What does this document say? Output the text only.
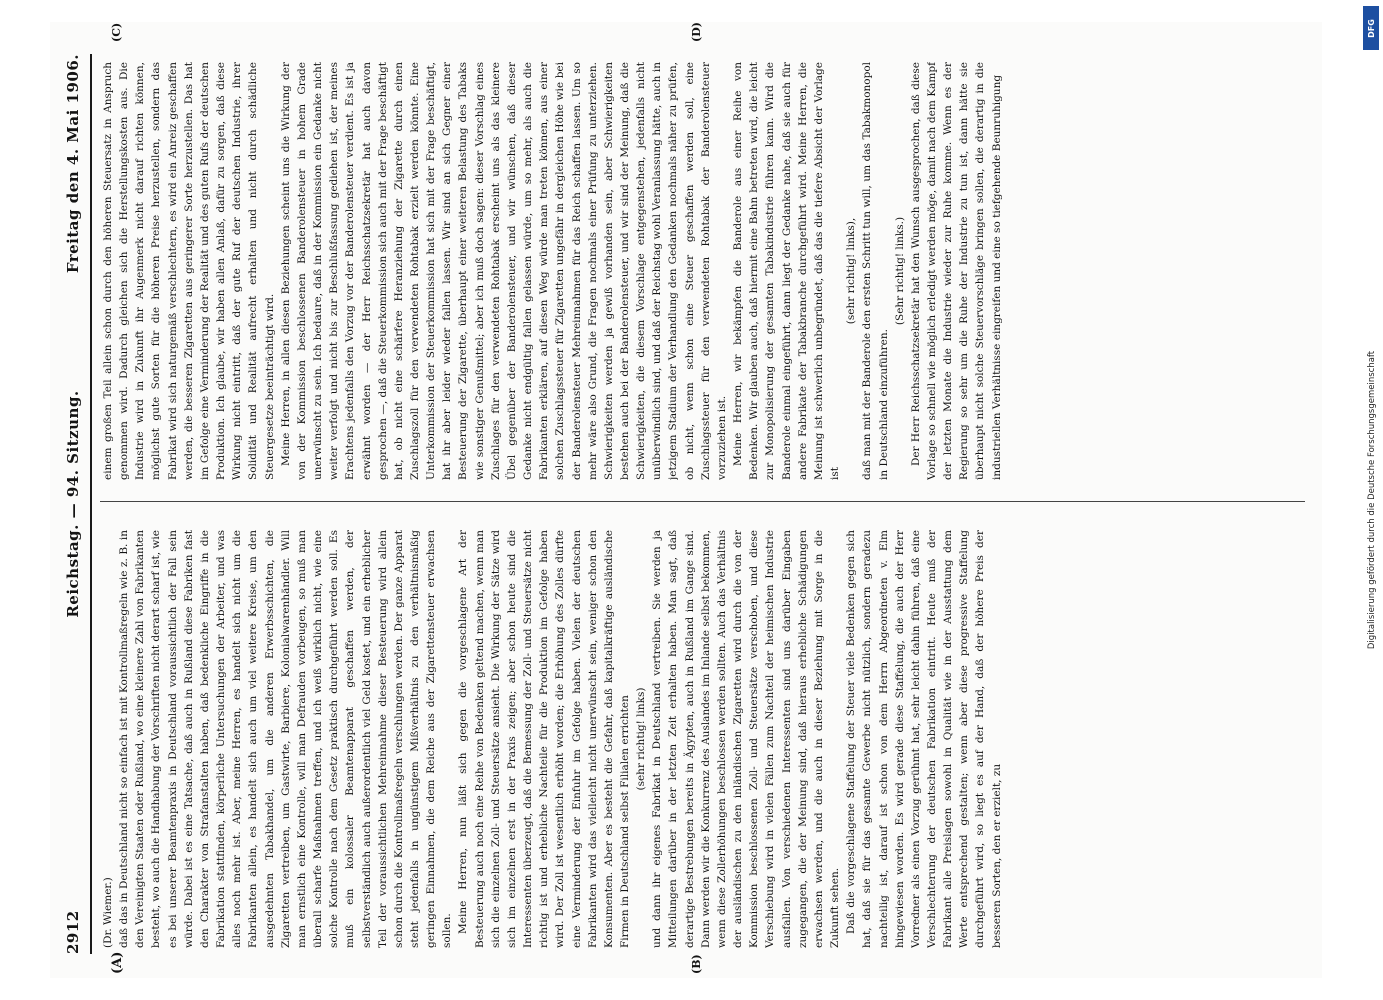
2912
Reichstag. — 94. Sitzung.
Freitag den 4. Mai 1906.
(A)	(B)
(C)	(D)

(Dr. Wiemer.) daß das in Deutschland nicht so einfach ist mit Kontrollmaßregeln wie z. B. in den Vereinigten Staaten oder Rußland, wo eine kleinere Zahl von Fabrikanten besteht, wo auch die Handhabung der Vorschriften nicht derart scharf ist, wie es bei unserer Beamtenpraxis in Deutschland voraussichtlich der Fall sein würde. Dabei ist es eine Tatsache, daß auch in Rußland diese Fabriken fast den Charakter von Strafanstalten haben, daß bedenkliche Eingriffe in die Fabrikation stattfinden, körperliche Untersuchungen der Arbeiter, und was alles noch mehr ist. Aber, meine Herren, es handelt sich nicht um die Fabrikanten allein, es handelt sich auch um viel weitere Kreise, um den ausgedehnten Tabakhandel, um die anderen Erwerbsschichten, die Zigaretten vertreiben, um Gastwirte, Barbiere, Kolonialwarenhändler. Will man ernstlich eine Kontrolle, will man Defrauden vorbeugen, so muß man überall scharfe Maßnahmen treffen, und ich weiß wirklich nicht, wie eine solche Kontrolle nach dem Gesetz praktisch durchgeführt werden soll. Es muß ein kolossaler Beamtenapparat geschaffen werden, der selbstverständlich auch außerordentlich viel Geld kostet, und ein erheblicher Teil der voraussichtlichen Mehreinnahme dieser Besteuerung wird allein schon durch die Kontrollmaßregeln verschlungen werden. Der ganze Apparat steht jedenfalls in ungünstigem Mißverhältnis zu den verhältnismäßig geringen Einnahmen, die dem Reiche aus der Zigarettensteuer erwachsen sollen. Meine Herren, nun läßt sich gegen die vorgeschlagene Art der Besteuerung auch noch eine Reihe von Bedenken geltend machen, wenn man sich die einzelnen Zoll- und Steuersätze ansieht. Die Wirkung der Sätze wird sich im einzelnen erst in der Praxis zeigen; aber schon heute sind die Interessenten überzeugt, daß die Bemessung der Zoll- und Steuersätze nicht richtig ist und erhebliche Nachteile für die Produktion im Gefolge haben wird. Der Zoll ist wesentlich erhöht worden; die Erhöhung des Zolles dürfte eine Verminderung der Einfuhr im Gefolge haben. Vielen der deutschen Fabrikanten wird das vielleicht nicht unerwünscht sein, weniger schon den Konsumenten. Aber es besteht die Gefahr, daß kapitalkräftige ausländische Firmen in Deutschland selbst Filialen errichten (sehr richtig! links) und dann ihr eigenes Fabrikat in Deutschland vertreiben. Sie werden ja Mitteilungen darüber in der letzten Zeit erhalten haben. Man sagt, daß derartige Bestrebungen bereits in Ägypten, auch in Rußland im Gange sind. Dann werden wir die Konkurrenz des Auslandes im Inlande selbst bekommen, wenn diese Zollerhöhungen beschlossen werden sollten. Auch das Verhältnis der ausländischen zu den inländischen Zigaretten wird durch die von der Kommission beschlossenen Zoll- und Steuersätze verschoben, und diese Verschiebung wird in vielen Fällen zum Nachteil der heimischen Industrie ausfallen. Von verschiedenen Interessenten sind uns darüber Eingaben zugegangen, die der Meinung sind, daß hieraus erhebliche Schädigungen erwachsen werden, und die auch in dieser Beziehung mit Sorge in die Zukunft sehen. Daß die vorgeschlagene Staffelung der Steuer viele Bedenken gegen sich hat, daß sie für das gesamte Gewerbe nicht nützlich, sondern geradezu nachteilig ist, darauf ist schon von dem Herrn Abgeordneten v. Elm hingewiesen worden. Es wird gerade diese Staffelung, die auch der Herr Vorredner als einen Vorzug gerühmt hat, sehr leicht dahin führen, daß eine Verschlechterung der deutschen Fabrikation eintritt. Heute muß der Fabrikant alle Preislagen sowohl in Qualität wie in der Ausstattung dem Werte entsprechend gestalten; wenn aber diese progressive Staffelung durchgeführt wird, so liegt es auf der Hand, daß der höhere Preis der besseren Sorten, den er erzielt, zu

einem großen Teil allein schon durch den höheren Steuersatz in Anspruch genommen wird. Dadurch gleichen sich die Herstellungskosten aus. Die Industrie wird in Zukunft ihr Augenmerk nicht darauf richten können, möglichst gute Sorten für die höheren Preise herzustellen, sondern das Fabrikat wird sich naturgemäß verschlechtern, es wird ein Anreiz geschaffen werden, die besseren Zigaretten aus geringerer Sorte herzustellen. Das hat im Gefolge eine Verminderung der Realität und des guten Rufs der deutschen Produktion. Ich glaube, wir haben allen Anlaß, dafür zu sorgen, daß diese Wirkung nicht eintritt, daß der gute Ruf der deutschen Industrie, ihrer Solidität und Realität aufrecht erhalten und nicht durch schädliche Steuergesetze beeinträchtigt wird. Meine Herren, in allen diesen Beziehungen scheint uns die Wirkung der von der Kommission beschlossenen Banderolensteuer in hohem Grade unerwünscht zu sein. Ich bedaure, daß in der Kommission ein Gedanke nicht weiter verfolgt und nicht bis zur Beschlußfassung gediehen ist, der meines Erachtens jedenfalls den Vorzug vor der Banderolensteuer verdient. Es ist ja erwähnt worden — der Herr Reichsschatzsekretär hat auch davon gesprochen —, daß die Steuerkommission sich auch mit der Frage beschäftigt hat, ob nicht eine schärfere Heranziehung der Zigarette durch einen Zuschlagszoll für den verwendeten Rohtabak erzielt werden könnte. Eine Unterkommission der Steuerkommission hat sich mit der Frage beschäftigt, hat ihr aber leider wieder fallen lassen. Wir sind an sich Gegner einer Besteuerung der Zigarette, überhaupt einer weiteren Belastung des Tabaks wie sonstiger Genußmittel; aber ich muß doch sagen: dieser Vorschlag eines Zuschlages für den verwendeten Rohtabak erscheint uns als das kleinere Übel gegenüber der Banderolensteuer, und wir wünschen, daß dieser Gedanke nicht endgültig fallen gelassen würde, um so mehr, als auch die Fabrikanten erklären, auf diesen Weg würde man treten können, aus einer solchen Zuschlagssteuer für Zigaretten ungefähr in dergleichen Höhe wie bei der Banderolensteuer Mehreinnahmen für das Reich schaffen lassen. Um so mehr wäre also Grund, die Fragen nochmals einer Prüfung zu unterziehen. Schwierigkeiten werden ja gewiß vorhanden sein, aber Schwierigkeiten bestehen auch bei der Banderolensteuer, und wir sind der Meinung, daß die Schwierigkeiten, die diesem Vorschlage entgegenstehen, jedenfalls nicht unüberwindlich sind, und daß der Reichstag wohl Veranlassung hätte, auch in jetzigem Stadium der Verhandlung den Gedanken nochmals näher zu prüfen, ob nicht, wenn schon eine Steuer geschaffen werden soll, eine Zuschlagssteuer für den verwendeten Rohtabak der Banderolensteuer vorzuziehen ist. Meine Herren, wir bekämpfen die Banderole aus einer Reihe von Bedenken. Wir glauben auch, daß hiermit eine Bahn betreten wird, die leicht zur Monopolisierung der gesamten Tabakindustrie führen kann. Wird die Banderole einmal eingeführt, dann liegt der Gedanke nahe, daß sie auch für andere Fabrikate der Tabakbranche durchgeführt wird. Meine Herren, die Meinung ist schwerlich unbegründet, daß das die tiefere Absicht der Vorlage ist

(sehr richtig! links), daß man mit der Banderole den ersten Schritt tun will, um das Tabakmonopol in Deutschland einzuführen.

(Sehr richtig! links.) Der Herr Reichsschatzsekretär hat den Wunsch ausgesprochen, daß diese Vorlage so schnell wie möglich erledigt werden möge, damit nach dem Kampf der letzten Monate die Industrie wieder zur Ruhe komme. Wenn es der Regierung so sehr um die Ruhe der Industrie zu tun ist, dann hätte sie überhaupt nicht solche Steuervorschläge bringen sollen, die derartig in die industriellen Verhältnisse eingreifen und eine so tiefgehende Beunruhigung

Digitalisierung gefördert durch die Deutsche Forschungsgemeinschaft
DFG
